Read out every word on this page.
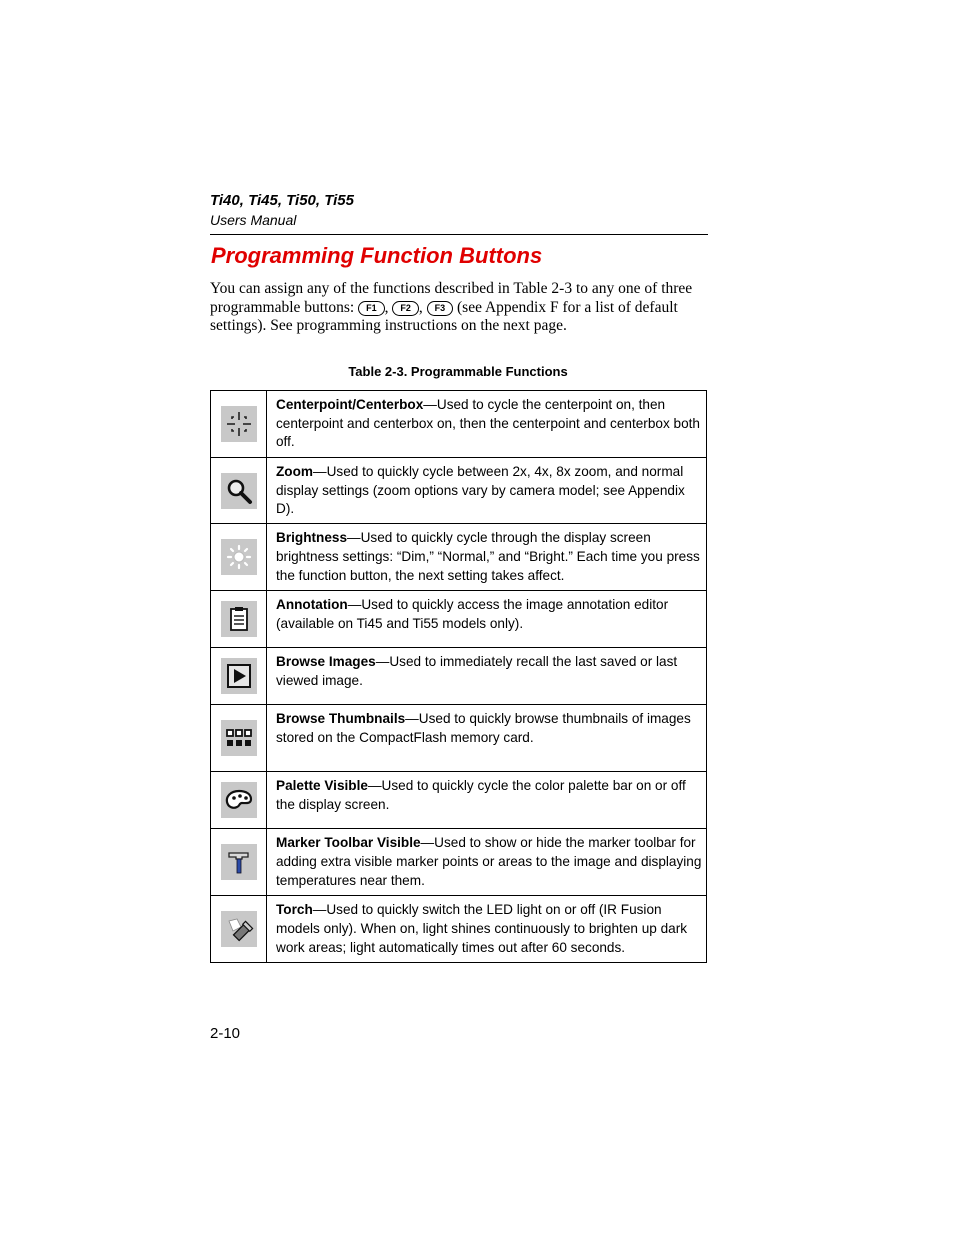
Ti40, Ti45, Ti50, Ti55
Users Manual
Programming Function Buttons
You can assign any of the functions described in Table 2-3 to any one of three programmable buttons: F1 , F2 , F3 (see Appendix F for a list of default settings). See programming instructions on the next page.
Table 2-3. Programmable Functions
	Centerpoint/Centerbox—Used to cycle the centerpoint on, then centerpoint and centerbox on, then the centerpoint and centerbox both off.

	Zoom—Used to quickly cycle between 2x, 4x, 8x zoom, and normal display settings (zoom options vary by camera model; see Appendix D).

	Brightness—Used to quickly cycle through the display screen brightness settings: “Dim,” “Normal,” and “Bright.” Each time you press the function button, the next setting takes affect.

	Annotation—Used to quickly access the image annotation editor (available on Ti45 and Ti55 models only).

	Browse Images—Used to immediately recall the last saved or last viewed image.

	Browse Thumbnails—Used to quickly browse thumbnails of images stored on the CompactFlash memory card.

	Palette Visible—Used to quickly cycle the color palette bar on or off the display screen.

	Marker Toolbar Visible—Used to show or hide the marker toolbar for adding extra visible marker points or areas to the image and displaying temperatures near them.

	Torch—Used to quickly switch the LED light on or off (IR Fusion models only). When on, light shines continuously to brighten up dark work areas; light automatically times out after 60 seconds.
2-10
